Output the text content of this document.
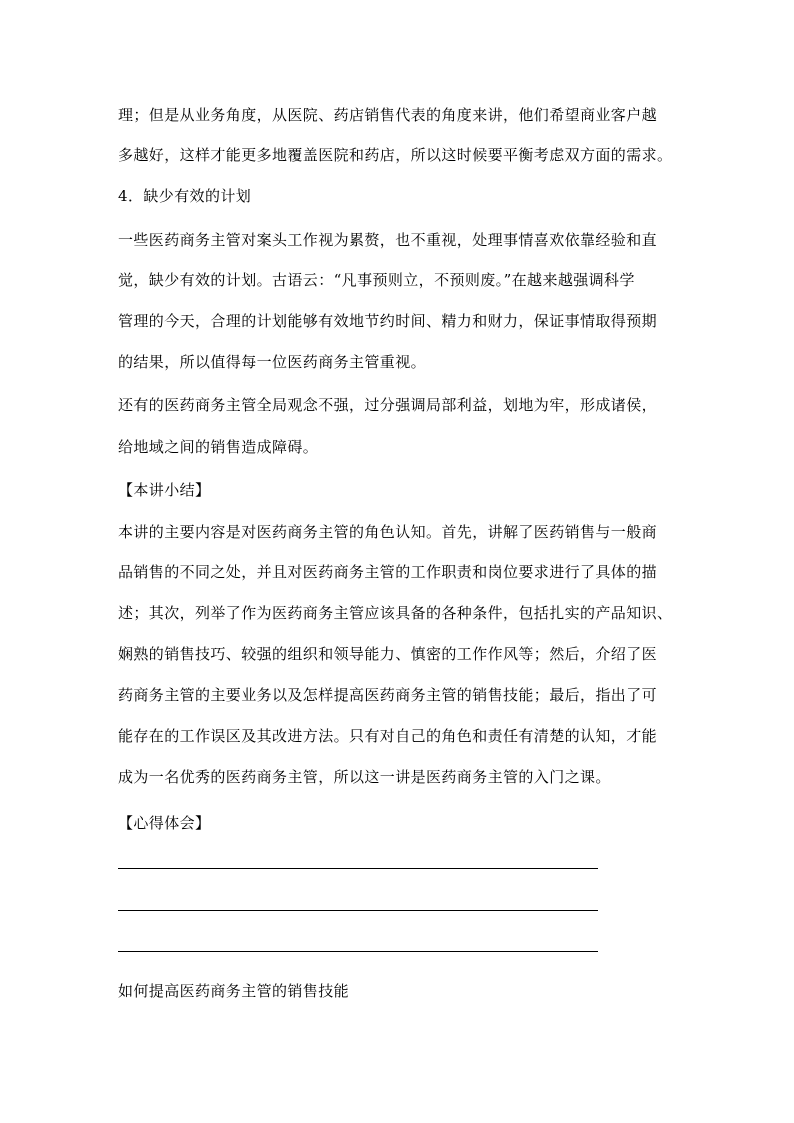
理；但是从业务角度，从医院、药店销售代表的角度来讲，他们希望商业客户越
多越好，这样才能更多地覆盖医院和药店，所以这时候要平衡考虑双方面的需求。
4．缺少有效的计划
一些医药商务主管对案头工作视为累赘，也不重视，处理事情喜欢依靠经验和直
觉，缺少有效的计划。古语云：“凡事预则立，不预则废。”在越来越强调科学
管理的今天，合理的计划能够有效地节约时间、精力和财力，保证事情取得预期
的结果，所以值得每一位医药商务主管重视。
还有的医药商务主管全局观念不强，过分强调局部利益，划地为牢，形成诸侯，
给地域之间的销售造成障碍。
【本讲小结】
本讲的主要内容是对医药商务主管的角色认知。首先，讲解了医药销售与一般商
品销售的不同之处，并且对医药商务主管的工作职责和岗位要求进行了具体的描
述；其次，列举了作为医药商务主管应该具备的各种条件，包括扎实的产品知识、
娴熟的销售技巧、较强的组织和领导能力、慎密的工作作风等；然后，介绍了医
药商务主管的主要业务以及怎样提高医药商务主管的销售技能；最后，指出了可
能存在的工作误区及其改进方法。只有对自己的角色和责任有清楚的认知，才能
成为一名优秀的医药商务主管，所以这一讲是医药商务主管的入门之课。
【心得体会】
如何提高医药商务主管的销售技能
